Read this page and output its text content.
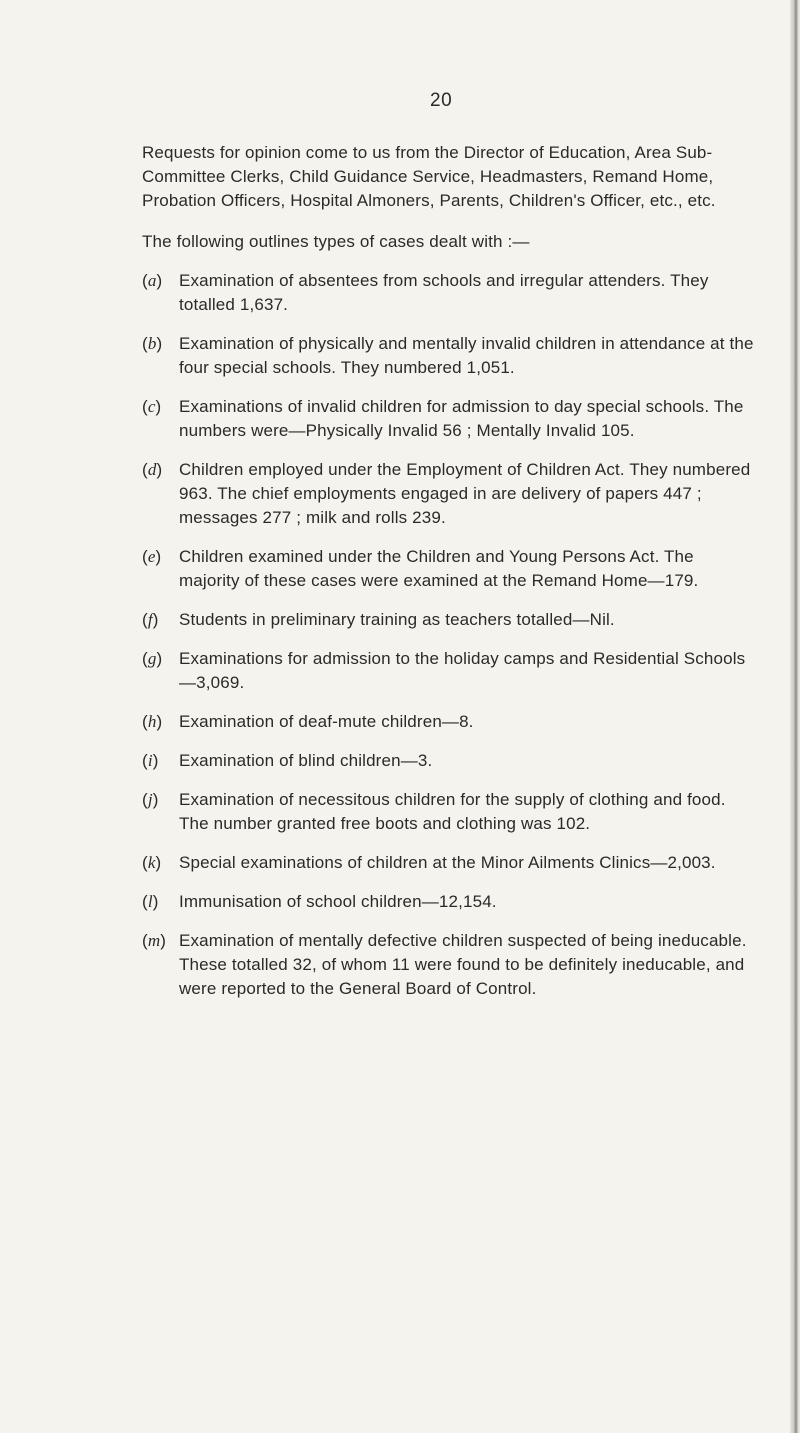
20

Requests for opinion come to us from the Director of Education, Area Sub-Committee Clerks, Child Guidance Service, Headmasters, Remand Home, Probation Officers, Hospital Almoners, Parents, Children's Officer, etc., etc.

The following outlines types of cases dealt with :—

(a) Examination of absentees from schools and irregular attenders. They totalled 1,637.
(b) Examination of physically and mentally invalid children in attendance at the four special schools. They numbered 1,051.
(c) Examinations of invalid children for admission to day special schools. The numbers were—Physically Invalid 56 ; Mentally Invalid 105.
(d) Children employed under the Employment of Children Act. They numbered 963. The chief employments engaged in are delivery of papers 447 ; messages 277 ; milk and rolls 239.
(e) Children examined under the Children and Young Persons Act. The majority of these cases were examined at the Remand Home—179.
(f) Students in preliminary training as teachers totalled—Nil.
(g) Examinations for admission to the holiday camps and Residential Schools—3,069.
(h) Examination of deaf-mute children—8.
(i) Examination of blind children—3.
(j) Examination of necessitous children for the supply of clothing and food. The number granted free boots and clothing was 102.
(k) Special examinations of children at the Minor Ailments Clinics—2,003.
(l) Immunisation of school children—12,154.
(m) Examination of mentally defective children suspected of being ineducable. These totalled 32, of whom 11 were found to be definitely ineducable, and were reported to the General Board of Control.
